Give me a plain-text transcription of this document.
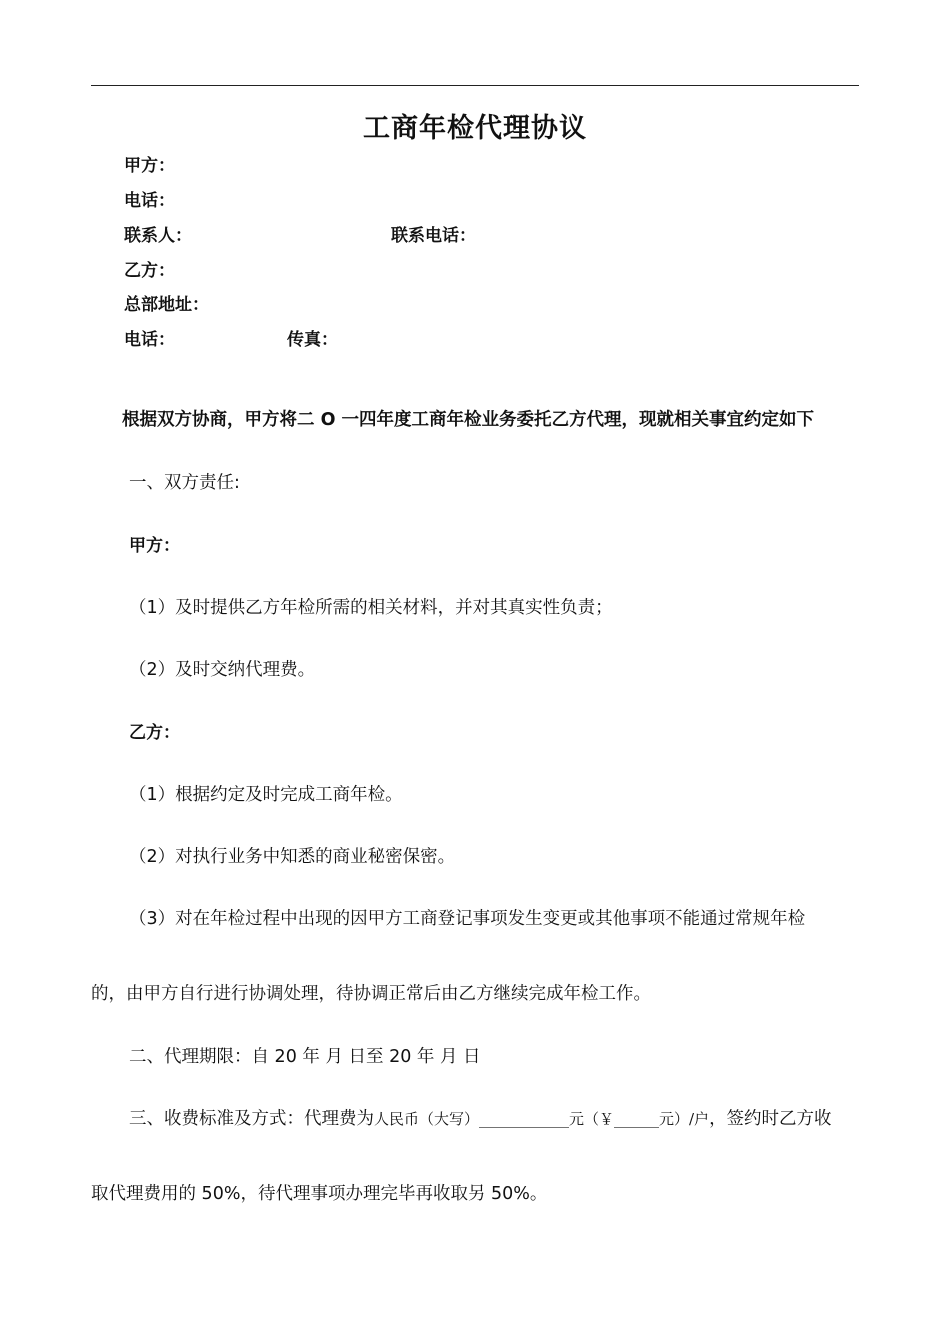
工商年检代理协议
甲方：
电话：
联系人：	联系电话：
乙方：
总部地址：
电话：	传真：
根据双方协商，甲方将二 O 一四年度工商年检业务委托乙方代理，现就相关事宜约定如下
一、双方责任:
甲方：
（1）及时提供乙方年检所需的相关材料，并对其真实性负责；
（2）及时交纳代理费。
乙方：
（1）根据约定及时完成工商年检。
（2）对执行业务中知悉的商业秘密保密。
（3）对在年检过程中出现的因甲方工商登记事项发生变更或其他事项不能通过常规年检
的，由甲方自行进行协调处理，待协调正常后由乙方继续完成年检工作。
二、代理期限：自 20 年 月 日至 20 年 月 日
三、收费标准及方式：代理费为人民币（大写）____________元（￥______元）/户，签约时乙方收
取代理费用的 50%，待代理事项办理完毕再收取另 50%。
